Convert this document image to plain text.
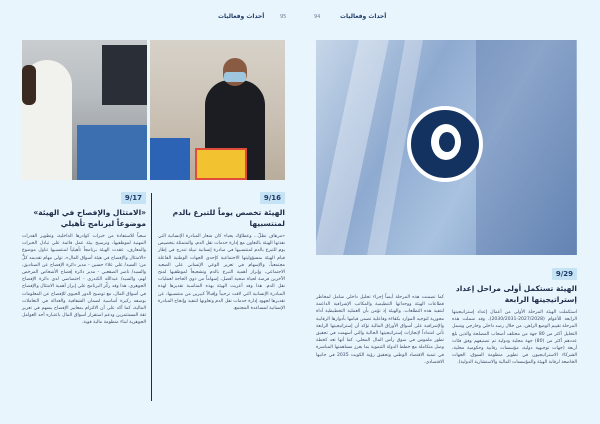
أحداث وفعاليات	95	94	أحداث وفعاليات
9/17
«الامتثال والإفصاح في الهيئة» موضوعاً لبرنامج تأهيلي
سعياً للاستفادة من خبرات كوادرها الداخلية، وتطوير القدرات المهنية لموظفيها، وترسيخ بيئة عمل قائمة على تبادل الخبرات والمعارف، عقدت الهيئة برنامجاً تأهيلياً لمنتسبيها تناول موضوع «الامتثال والإفصاح في هيئة أسواق المال»، تولى مهام تقديمه كلٌّ من: السيد/ علي علاء حسين - مدير دائرة الإفصاح عن الصناديق، والسيد/ ناصر الصقعبي - مدير دائرة إفصاح الأشخاص المرخص لهم، والسيد/ عبدالله الكندري - اختصاصي لدى دائرة الإفصاح الجوهري. هذا وقد ركّز البرنامج على إبراز أهمية الامتثال والإفصاح في أسواق المال، مع توضيح الدور الحيوي للإفصاح عن المعلومات بوصفه ركيزة أساسية لضمان الشفافية والعدالة في التعاملات المالية، كما أكد على أن الالتزام بمعايير الإفصاح يسهم في تعزيز ثقة المستثمرين ودعم استقرار أسواق المال باعتباره أحد العوامل الجوهرية لبناء منظومة مالية قوية.
9/16
الهيئة تخصص يوماً للتبرع بالدم لمنتسبيها
«مرهاف نطلّ... وعطاؤك يحيا» كان شعار المبادرة الإنسانية التي نفذتها الهيئة بالتعاون مع إدارة خدمات نقل الدم، والمتمثلة بتخصيص يوم للتبرع بالدم لمنتسبيها في مبادرة إنسانية نبيلة تندرج في إطار قيام الهيئة بمسؤوليتها الاجتماعية كإحدى الجهات الوطنية الفاعلة مجتمعياً، والإسهام في تعزيز الوعي الإنساني على الصعيد الاجتماعي، وإبراز أهمية التبرع بالدم وتشجيعاً لموظفيها لمنح الآخرين فرصة لحياة صحية أفضل، إسهاماً من ذوي الحاجة لعمليات نقل الدم. هذا وقد أعربت الهيئة بهذه المناسبة تقديرها لهذه المبادرة الإنسانية التي لاقت ترحيباً وإقبالاً كبيرين من منتسبيها، عن تقديرها لجهود إدارة خدمات نقل الدم وتعاونها لتنفيذ وإنجاح المبادرة الإنسانية لمساعدة المجتمع.
9/29
الهيئة تستكمل أولى مراحل إعداد إستراتيجيتها الرابعة
استكملت الهيئة المرحلة الأولى من أعمال إعداد إستراتيجيتها الرابعة للأعوام (2027/2028-2030/2031)، وقد شملت هذه المرحلة تقييم الوضع الراهن، من خلال رصد داخلي وخارجي وشمل التحليل أكثر من 80 جهة من مختلف أصحاب المصلحة والذين بلغ عددهم أكثر من (80) جهة محلية ودولية تم تصنيفهم وفق فئات أربعة (جهات توجيهية دولية، مؤسسات رقابية وحكومية محلية، الشركاء الاستراتيجيون في تطوير منظومة السوق، الجهات الخاضعة لرقابة الهيئة والمؤسسات المالية والاستشارية الدولية).
كما تضمنت هذه المرحلة أيضاً إجراء تحليل داخلي شامل لمخاطر قطاعات الهيئة ووحداتها التنظيمية والمكاتب الإشرافية الداعمة لتنفيذ هذه التطلعات. والهيئة إذ تؤمن بأن العملية التخطيطية أداة محورية لتوجيه الموارد بكفاءة وفاعلية تضمن قيامها بأدوارها الرقابية والإشرافية على أسواق الأوراق المالية تؤكد أن إستراتيجيتها الرابعة تأتي امتداداً لإنجازات إستراتيجيتها الحالية والتي أسهمت في تحقيق تطور ملموس في سوق رأس المال المحلي، كما أنها تعد كخطة وصل متكاملة مع خطط الدولة التنموية بما يعزز مساهمتها المباشرة في تنمية الاقتصاد الوطني وتحقيق رؤية الكويت 2035 في جانبها الاقتصادي.
